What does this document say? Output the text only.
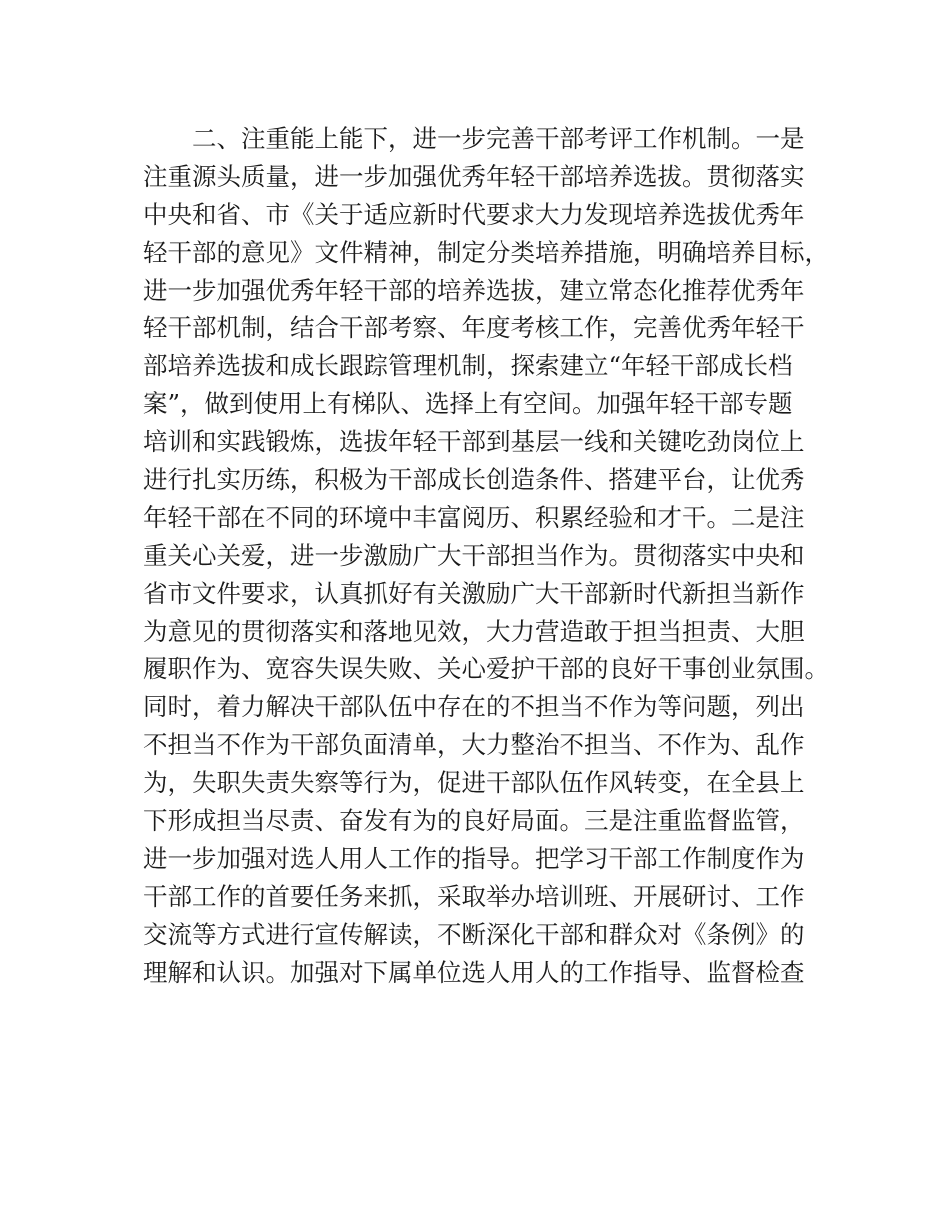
　　二、注重能上能下，进一步完善干部考评工作机制。一是
注重源头质量，进一步加强优秀年轻干部培养选拔。贯彻落实
中央和省、市《关于适应新时代要求大力发现培养选拔优秀年
轻干部的意见》文件精神，制定分类培养措施，明确培养目标，
进一步加强优秀年轻干部的培养选拔，建立常态化推荐优秀年
轻干部机制，结合干部考察、年度考核工作，完善优秀年轻干
部培养选拔和成长跟踪管理机制，探索建立“年轻干部成长档
案”，做到使用上有梯队、选择上有空间。加强年轻干部专题
培训和实践锻炼，选拔年轻干部到基层一线和关键吃劲岗位上
进行扎实历练，积极为干部成长创造条件、搭建平台，让优秀
年轻干部在不同的环境中丰富阅历、积累经验和才干。二是注
重关心关爱，进一步激励广大干部担当作为。贯彻落实中央和
省市文件要求，认真抓好有关激励广大干部新时代新担当新作
为意见的贯彻落实和落地见效，大力营造敢于担当担责、大胆
履职作为、宽容失误失败、关心爱护干部的良好干事创业氛围。
同时，着力解决干部队伍中存在的不担当不作为等问题，列出
不担当不作为干部负面清单，大力整治不担当、不作为、乱作
为，失职失责失察等行为，促进干部队伍作风转变，在全县上
下形成担当尽责、奋发有为的良好局面。三是注重监督监管，
进一步加强对选人用人工作的指导。把学习干部工作制度作为
干部工作的首要任务来抓，采取举办培训班、开展研讨、工作
交流等方式进行宣传解读，不断深化干部和群众对《条例》的
理解和认识。加强对下属单位选人用人的工作指导、监督检查
